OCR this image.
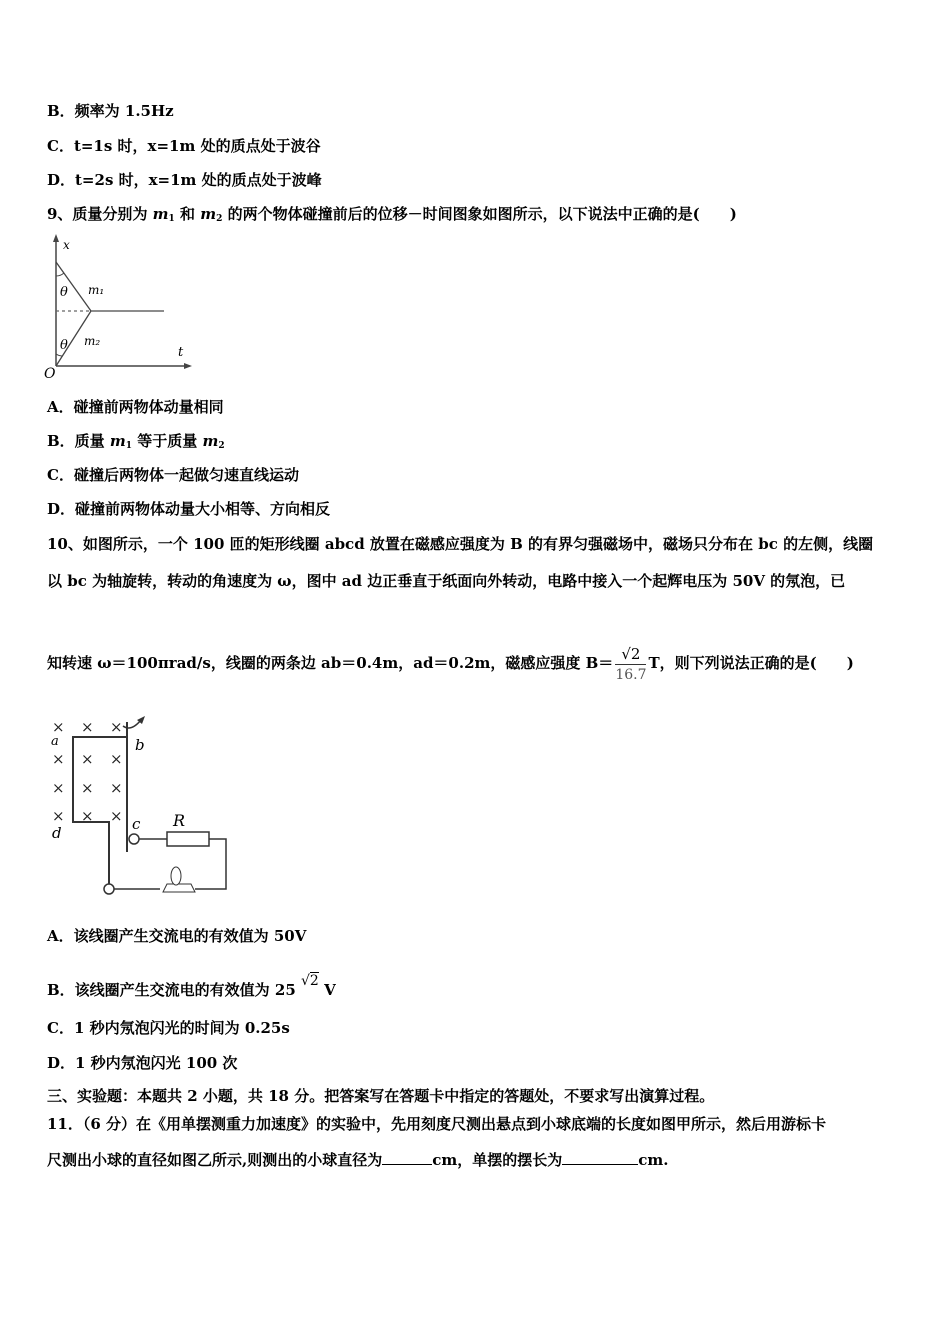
B．频率为 1.5Hz
C．t=1s 时，x=1m 处的质点处于波谷
D．t=2s 时，x=1m 处的质点处于波峰
9、质量分别为 $m_1$ 和 $m_2$ 的两个物体碰撞前后的位移－时间图象如图所示，以下说法中正确的是(　　)
x
t
O
θ
θ
m₁
m₂
A．碰撞前两物体动量相同
B．质量 $m_1$ 等于质量 $m_2$
C．碰撞后两物体一起做匀速直线运动
D．碰撞前两物体动量大小相等、方向相反
10、如图所示，一个 100 匝的矩形线圈 abcd 放置在磁感应强度为 B 的有界匀强磁场中，磁场只分布在 bc 的左侧，线圈
以 bc 为轴旋转，转动的角速度为 ω，图中 ad 边正垂直于纸面向外转动，电路中接入一个起辉电压为 50V 的氖泡，已
知转速 ω＝100πrad/s，线圈的两条边 ab＝0.4m，ad＝0.2m，磁感应强度 $B= \frac{√2}{16.7}$ T，则下列说法正确的是(　　)
× × ×
× × ×
× × ×
× × ×
a	b
c
d
R
A．该线圈产生交流电的有效值为 50V
B．该线圈产生交流电的有效值为 25 √2 V
C．1 秒内氖泡闪光的时间为 0.25s
D．1 秒内氖泡闪光 100 次
三、实验题：本题共 2 小题，共 18 分。把答案写在答题卡中指定的答题处，不要求写出演算过程。
11．（6 分）在《用单摆测重力加速度》的实验中，先用刻度尺测出悬点到小球底端的长度如图甲所示，然后用游标卡
尺测出小球的直径如图乙所示,则测出的小球直径为	cm，单摆的摆长为	cm.
